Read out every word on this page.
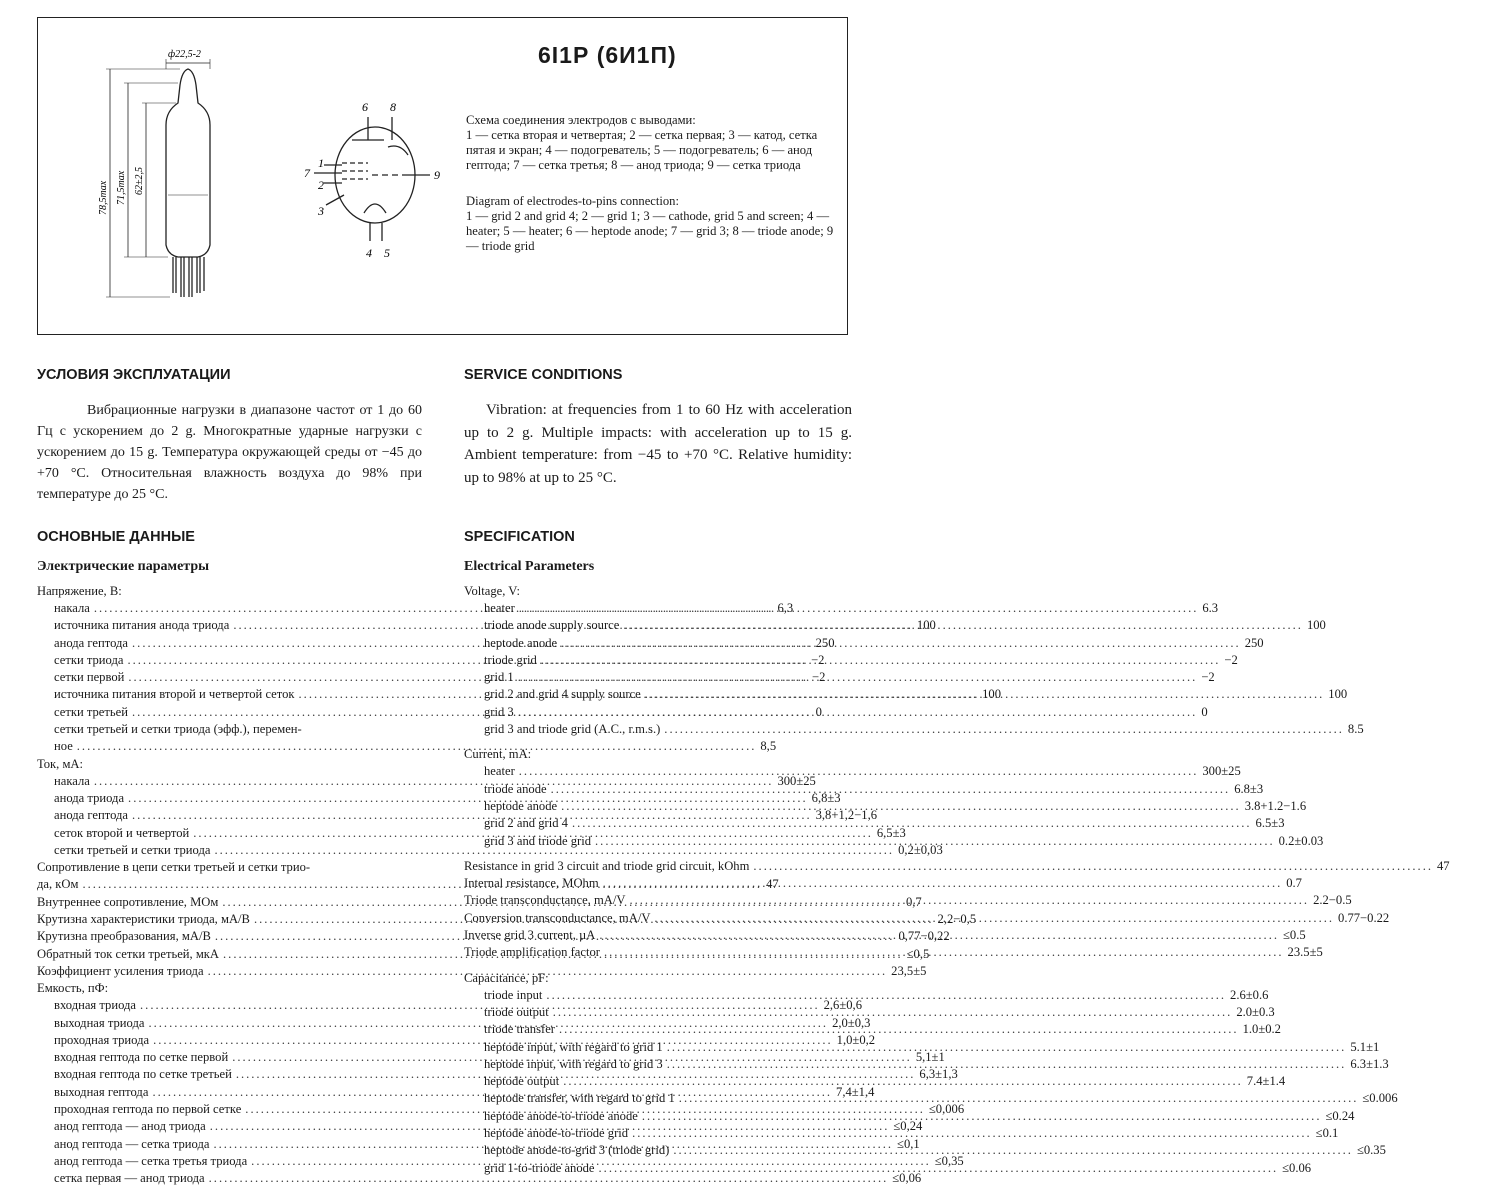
6І1Р (6И1П)
ф22,5-2
78,5max 71,5max 62±2,5
6 8
1
7
2
9
3
4 5
Схема соединения электродов с выводами:
1 — сетка вторая и четвертая; 2 — сетка первая; 3 — катод, сетка пятая и экран; 4 — подогреватель; 5 — подогреватель; 6 — анод гептода; 7 — сетка третья; 8 — анод триода; 9 — сетка триода
Diagram of electrodes-to-pins connection:
1 — grid 2 and grid 4; 2 — grid 1; 3 — cathode, grid 5 and screen; 4 — heater; 5 — heater; 6 — heptode anode; 7 — grid 3; 8 — triode anode; 9 — triode grid
УСЛОВИЯ ЭКСПЛУАТАЦИИ	SERVICE CONDITIONS
Вибрационные нагрузки в диапазоне частот от 1 до 60 Гц с ускорением до 2 g. Многократные ударные нагрузки с ускорением до 15 g. Температура окружающей среды от −45 до +70 °C. Относительная влажность воздуха до 98% при температуре до 25 °C.
Vibration: at frequencies from 1 to 60 Hz with acceleration up to 2 g. Multiple impacts: with acceleration up to 15 g. Ambient temperature: from −45 to +70 °C. Relative humidity: up to 98% at up to 25 °C.
ОСНОВНЫЕ ДАННЫЕ	SPECIFICATION
Электрические параметры	Electrical Parameters
Напряжение, В:
накала .....	6,3
источника питания анода триода .....	100
анода гептода .....	250
сетки триода .....	−2
сетки первой .....	−2
источника питания второй и четвертой сеток .....	100
сетки третьей .....	0
сетки третьей и сетки триода (эфф.), перемен-
ное .....	8,5
Ток, мА:
накала .....	300±25
анода триода .....	6,8±3
анода гептода .....	3,8+1,2−1,6
сеток второй и четвертой .....	6,5±3
сетки третьей и сетки триода .....	0,2±0,03
Сопротивление в цепи сетки третьей и сетки трио-
да, кОм .....	47
Внутреннее сопротивление, МОм .....	0,7
Крутизна характеристики триода, мА/В .....	2,2−0,5
Крутизна преобразования, мА/В .....	0,77−0,22
Обратный ток сетки третьей, мкА .....	≤0,5
Коэффициент усиления триода .....	23,5±5
Емкость, пФ:
входная триода .....	2,6±0,6
выходная триода .....	2,0±0,3
проходная триода .....	1,0±0,2
входная гептода по сетке первой .....	5,1±1
входная гептода по сетке третьей .....	6,3±1,3
выходная гептода .....	7,4±1,4
проходная гептода по первой сетке .....	≤0,006
анод гептода — анод триода .....	≤0,24
анод гептода — сетка триода .....	≤0,1
анод гептода — сетка третья триода .....	≤0,35
сетка первая — анод триода .....	≤0,06
Voltage, V:
heater .....	6.3
triode anode supply source .....	100
heptode anode .....	250
triode grid .....	−2
grid 1 .....	−2
grid 2 and grid 4 supply source .....	100
grid 3 .....	0
grid 3 and triode grid (A.C., r.m.s.) .....	8.5
Current, mA:
heater .....	300±25
triode anode .....	6.8±3
heptode anode .....	3.8+1.2−1.6
grid 2 and grid 4 .....	6.5±3
grid 3 and triode grid .....	0.2±0.03
Resistance in grid 3 circuit and triode grid circuit, kOhm .....	47
Internal resistance, MOhm .....	0.7
Triode transconductance, mA/V .....	2.2−0.5
Conversion transconductance, mA/V .....	0.77−0.22
Inverse grid 3 current, µA .....	≤0.5
Triode amplification factor .....	23.5±5
Capacitance, pF:
triode input .....	2.6±0.6
triode output .....	2.0±0.3
triode transfer .....	1.0±0.2
heptode input, with regard to grid 1 .....	5.1±1
heptode input, with regard to grid 3 .....	6.3±1.3
heptode output .....	7.4±1.4
heptode transfer, with regard to grid 1 .....	≤0.006
heptode anode-to-triode anode .....	≤0.24
heptode anode-to-triode grid .....	≤0.1
heptode anode-to-grid 3 (triode grid) .....	≤0.35
grid 1-to-triode anode .....	≤0.06
